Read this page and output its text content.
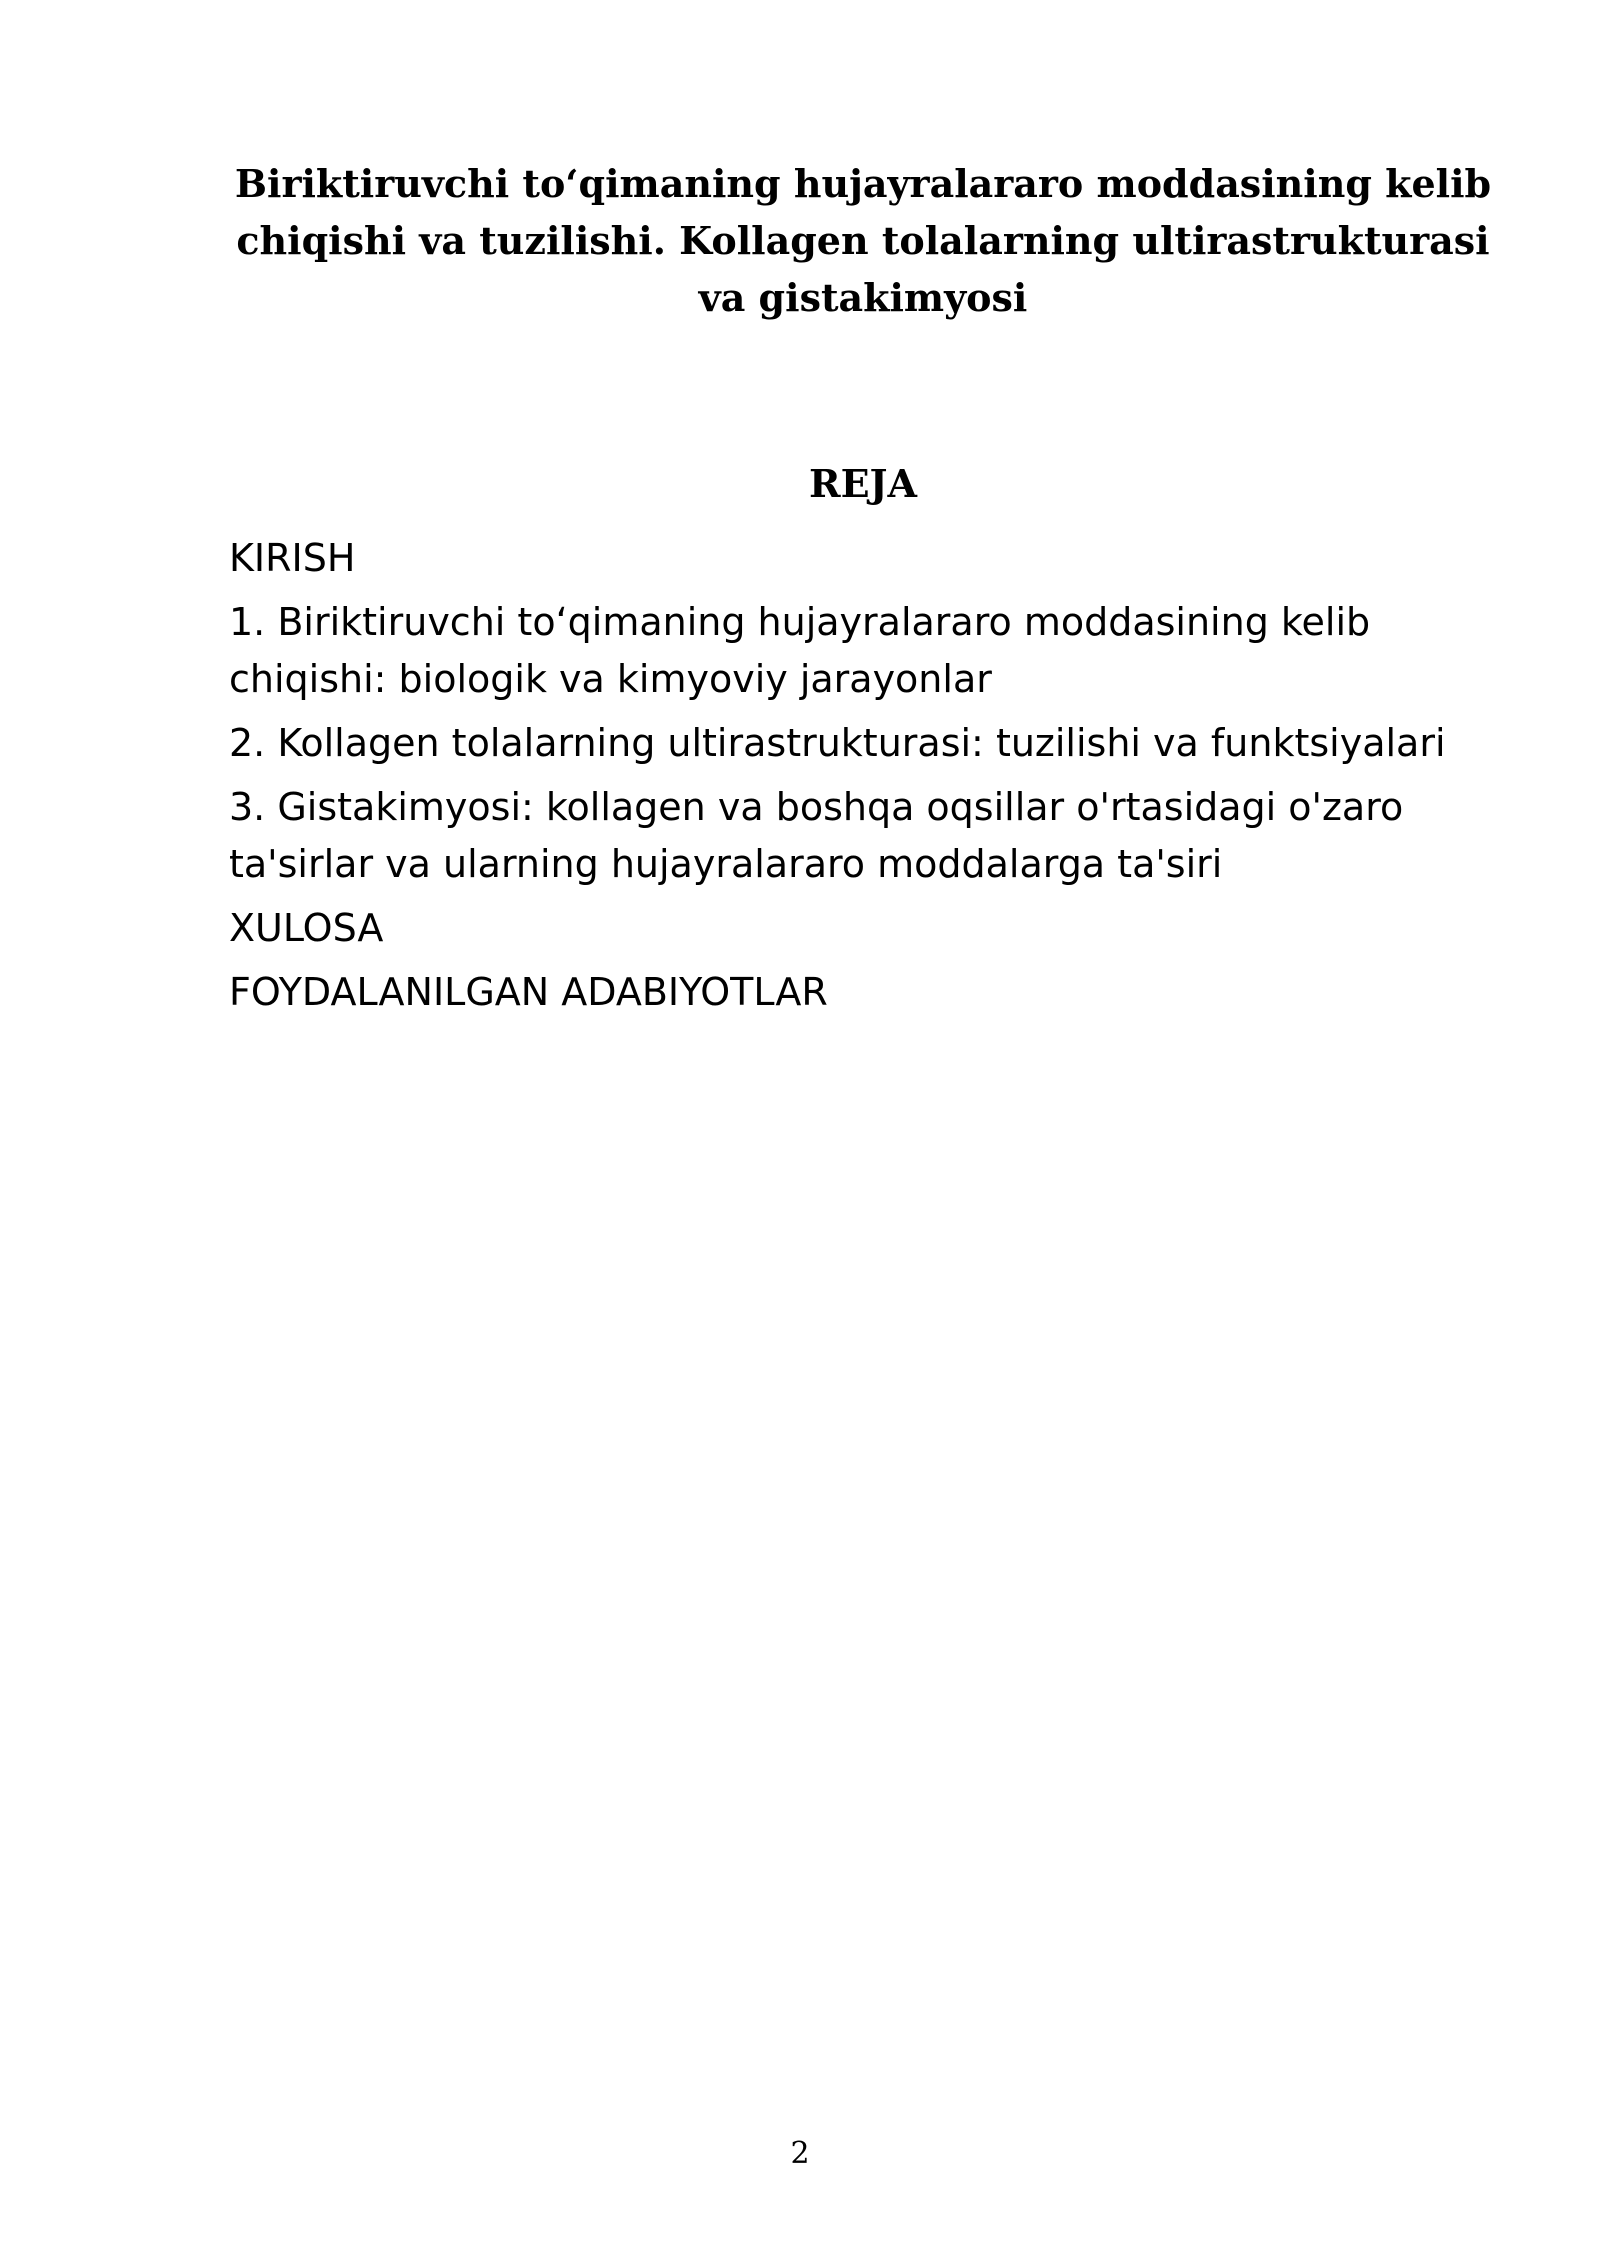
Biriktiruvchi to‘qimaning hujayralararo moddasining kelib
chiqishi va tuzilishi. Kollagen tolalarning ultirastrukturasi
va gistakimyosi
REJA
KIRISH
1. Biriktiruvchi to‘qimaning hujayralararo moddasining kelib
chiqishi: biologik va kimyoviy jarayonlar
2. Kollagen tolalarning ultirastrukturasi: tuzilishi va funktsiyalari
3. Gistakimyosi: kollagen va boshqa oqsillar o'rtasidagi o'zaro
ta'sirlar va ularning hujayralararo moddalarga ta'siri
XULOSA
FOYDALANILGAN ADABIYOTLAR
2
